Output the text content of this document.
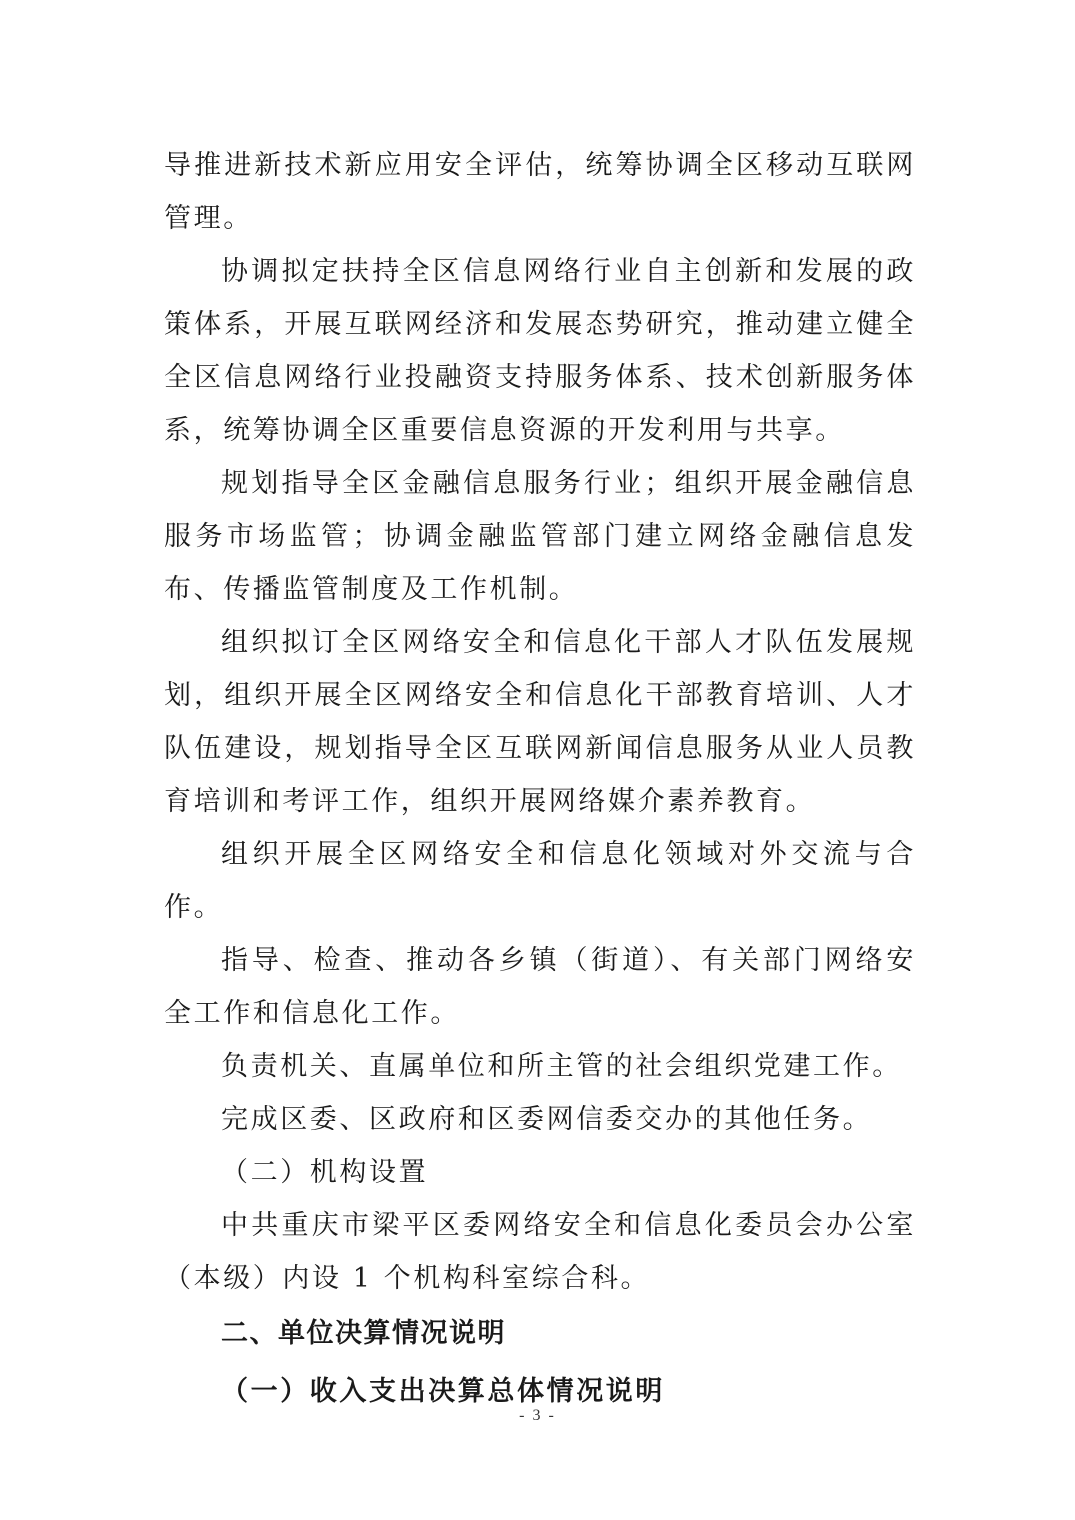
导推进新技术新应用安全评估，统筹协调全区移动互联网管理。

协调拟定扶持全区信息网络行业自主创新和发展的政策体系，开展互联网经济和发展态势研究，推动建立健全全区信息网络行业投融资支持服务体系、技术创新服务体系，统筹协调全区重要信息资源的开发利用与共享。

规划指导全区金融信息服务行业；组织开展金融信息服务市场监管；协调金融监管部门建立网络金融信息发布、传播监管制度及工作机制。

组织拟订全区网络安全和信息化干部人才队伍发展规划，组织开展全区网络安全和信息化干部教育培训、人才队伍建设，规划指导全区互联网新闻信息服务从业人员教育培训和考评工作，组织开展网络媒介素养教育。

组织开展全区网络安全和信息化领域对外交流与合作。

指导、检查、推动各乡镇（街道）、有关部门网络安全工作和信息化工作。

负责机关、直属单位和所主管的社会组织党建工作。

完成区委、区政府和区委网信委交办的其他任务。

（二）机构设置

中共重庆市梁平区委网络安全和信息化委员会办公室（本级）内设 1 个机构科室综合科。

二、单位决算情况说明

（一）收入支出决算总体情况说明

- 3 -
